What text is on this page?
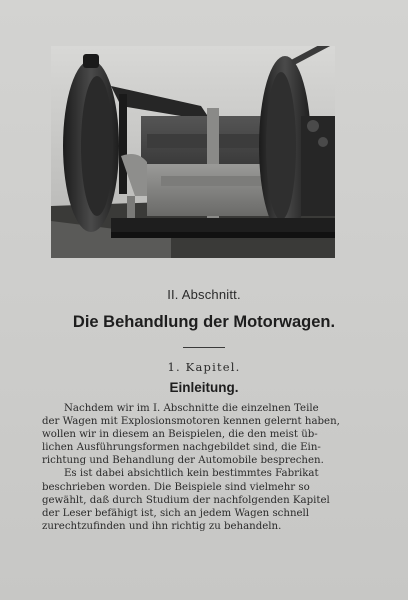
II. Abschnitt.
Die Behandlung der Motorwagen.
1. Kapitel.
Einleitung.
Nachdem wir im I. Abschnitte die einzelnen Teile
der Wagen mit Explosionsmotoren kennen gelernt haben,
wollen wir in diesem an Beispielen, die den meist üb-
lichen Ausführungsformen nachgebildet sind, die Ein-
richtung und Behandlung der Automobile besprechen.
Es ist dabei absichtlich kein bestimmtes Fabrikat
beschrieben worden. Die Beispiele sind vielmehr so
gewählt, daß durch Studium der nachfolgenden Kapitel
der Leser befähigt ist, sich an jedem Wagen schnell
zurechtzufinden und ihn richtig zu behandeln.
